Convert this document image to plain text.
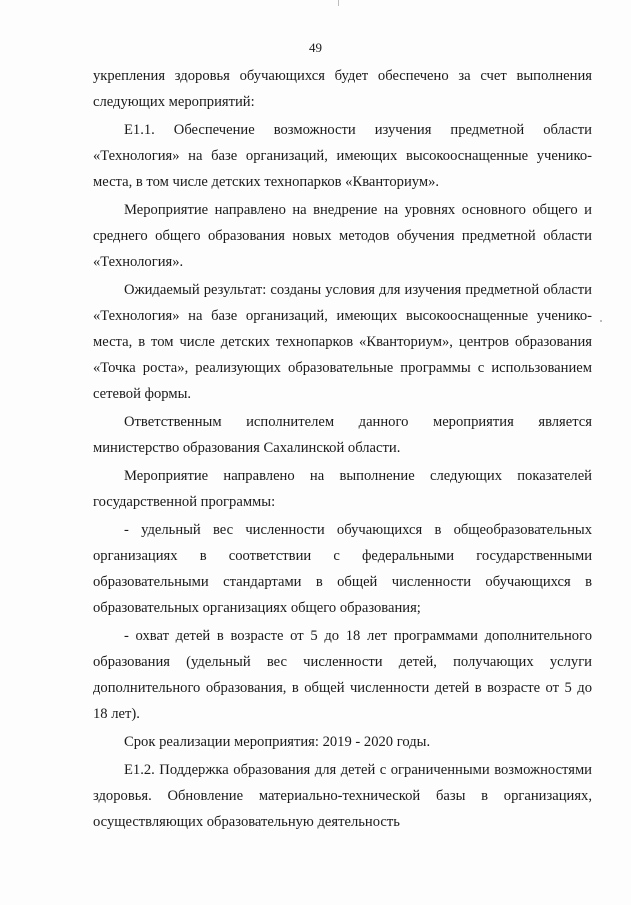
49

укрепления здоровья обучающихся будет обеспечено за счет выполнения следующих мероприятий:

Е1.1. Обеспечение возможности изучения предметной области «Технология» на базе организаций, имеющих высокооснащенные ученико-места, в том числе детских технопарков «Кванториум».

Мероприятие направлено на внедрение на уровнях основного общего и среднего общего образования новых методов обучения предметной области «Технология».

Ожидаемый результат: созданы условия для изучения предметной области «Технология» на базе организаций, имеющих высокооснащенные ученико-места, в том числе детских технопарков «Кванториум», центров образования «Точка роста», реализующих образовательные программы с использованием сетевой формы.

Ответственным исполнителем данного мероприятия является министерство образования Сахалинской области.

Мероприятие направлено на выполнение следующих показателей государственной программы:

- удельный вес численности обучающихся в общеобразовательных организациях в соответствии с федеральными государственными образовательными стандартами в общей численности обучающихся в образовательных организациях общего образования;

- охват детей в возрасте от 5 до 18 лет программами дополнительного образования (удельный вес численности детей, получающих услуги дополнительного образования, в общей численности детей в возрасте от 5 до 18 лет).

Срок реализации мероприятия: 2019 - 2020 годы.

Е1.2. Поддержка образования для детей с ограниченными возможностями здоровья. Обновление материально-технической базы в организациях, осуществляющих образовательную деятельность
